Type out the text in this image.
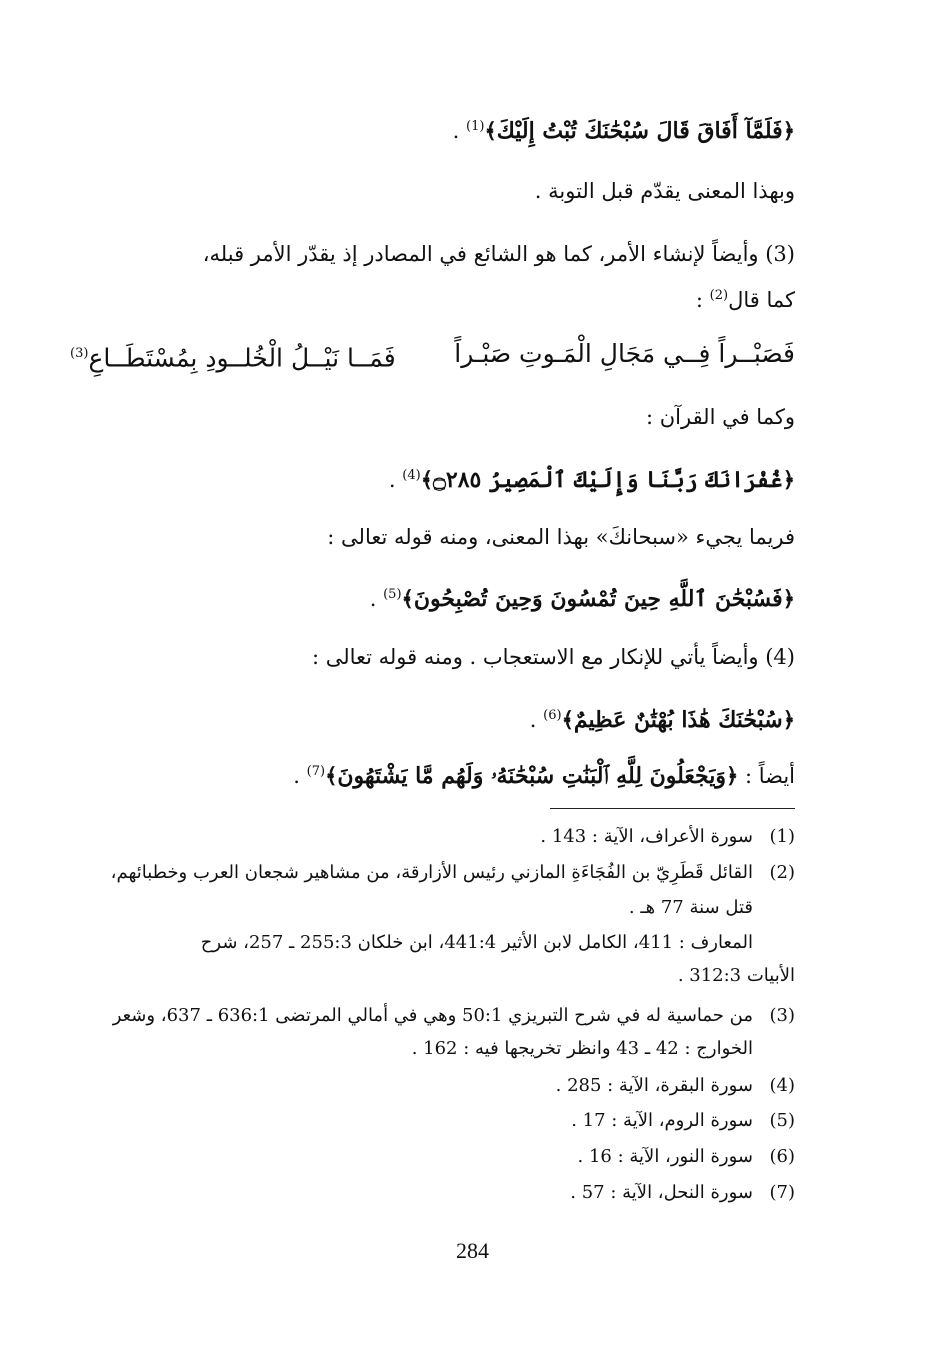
﴿فَلَمَّآ أَفَاقَ قَالَ سُبْحَٰنَكَ تُبْتُ إِلَيْكَ﴾$^{(1)}$ .
وبهذا المعنى يقدّم قبل التوبة .
(3) وأيضاً لإنشاء الأمر، كما هو الشائع في المصادر إذ يقدّر الأمر قبله،
كما قال$^{(2)}$ :
فَصَبْــراً فِــي مَجَالِ الْمَـوتِ صَبْـراً
فَمَــا نَيْــلُ الْخُلــودِ بِمُسْتَطَــاعِ$^{(3)}$
وكما في القرآن :
﴿غُفْرَانَكَ رَبَّنَا وَإِلَيْكَ ٱلْمَصِيرُ ۝٢٨٥﴾$^{(4)}$ .
فريما يجيء «سبحانكَ» بهذا المعنى، ومنه قوله تعالى :
﴿فَسُبْحَٰنَ ٱللَّهِ حِينَ تُمْسُونَ وَحِينَ تُصْبِحُونَ﴾$^{(5)}$ .
(4) وأيضاً يأتي للإنكار مع الاستعجاب . ومنه قوله تعالى :
﴿سُبْحَٰنَكَ هَٰذَا بُهْتَٰنٌ عَظِيمٌ﴾$^{(6)}$ .
أيضاً : ﴿وَيَجْعَلُونَ لِلَّهِ ٱلْبَنَٰتِ سُبْحَٰنَهُۥ وَلَهُم مَّا يَشْتَهُونَ﴾$^{(7)}$ .
(1)سورة الأعراف، الآية : 143 .
(2)القائل قَطَرِيّ بن الفُجَاءَةِ المازني رئيس الأزارقة، من مشاهير شجعان العرب وخطبائهم،
قتل سنة 77 هـ .
المعارف : 411، الكامل لابن الأثير 441:4، ابن خلكان 255:3 ـ 257، شرح
الأبيات 312:3 .
(3)من حماسية له في شرح التبريزي 50:1 وهي في أمالي المرتضى 636:1 ـ 637، وشعر
الخوارج : 42 ـ 43 وانظر تخريجها فيه : 162 .
(4)سورة البقرة، الآية : 285 .
(5)سورة الروم، الآية : 17 .
(6)سورة النور، الآية : 16 .
(7)سورة النحل، الآية : 57 .
284
